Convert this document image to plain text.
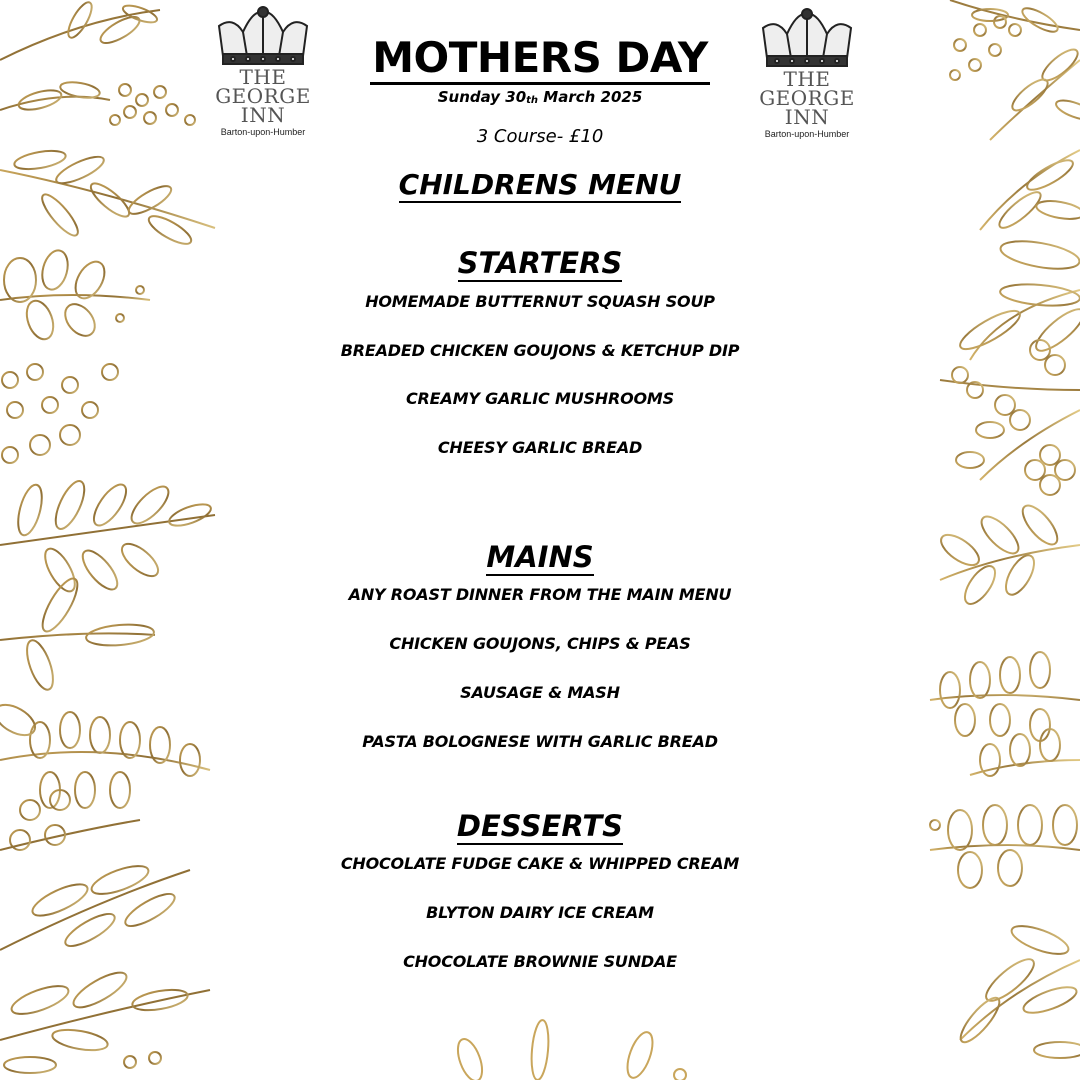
THE
GEORGE
INN
Barton-upon-Humber
THE
GEORGE
INN
Barton-upon-Humber
MOTHERS DAY
Sunday $30_{th}$ March 2025
3 Course- £10
CHILDRENS MENU
STARTERS
HOMEMADE BUTTERNUT SQUASH SOUP
BREADED CHICKEN GOUJONS & KETCHUP DIP
CREAMY GARLIC MUSHROOMS
CHEESY GARLIC BREAD
MAINS
ANY ROAST DINNER FROM THE MAIN MENU
CHICKEN GOUJONS, CHIPS & PEAS
SAUSAGE & MASH
PASTA BOLOGNESE WITH GARLIC BREAD
DESSERTS
CHOCOLATE FUDGE CAKE & WHIPPED CREAM
BLYTON DAIRY ICE CREAM
CHOCOLATE BROWNIE SUNDAE
